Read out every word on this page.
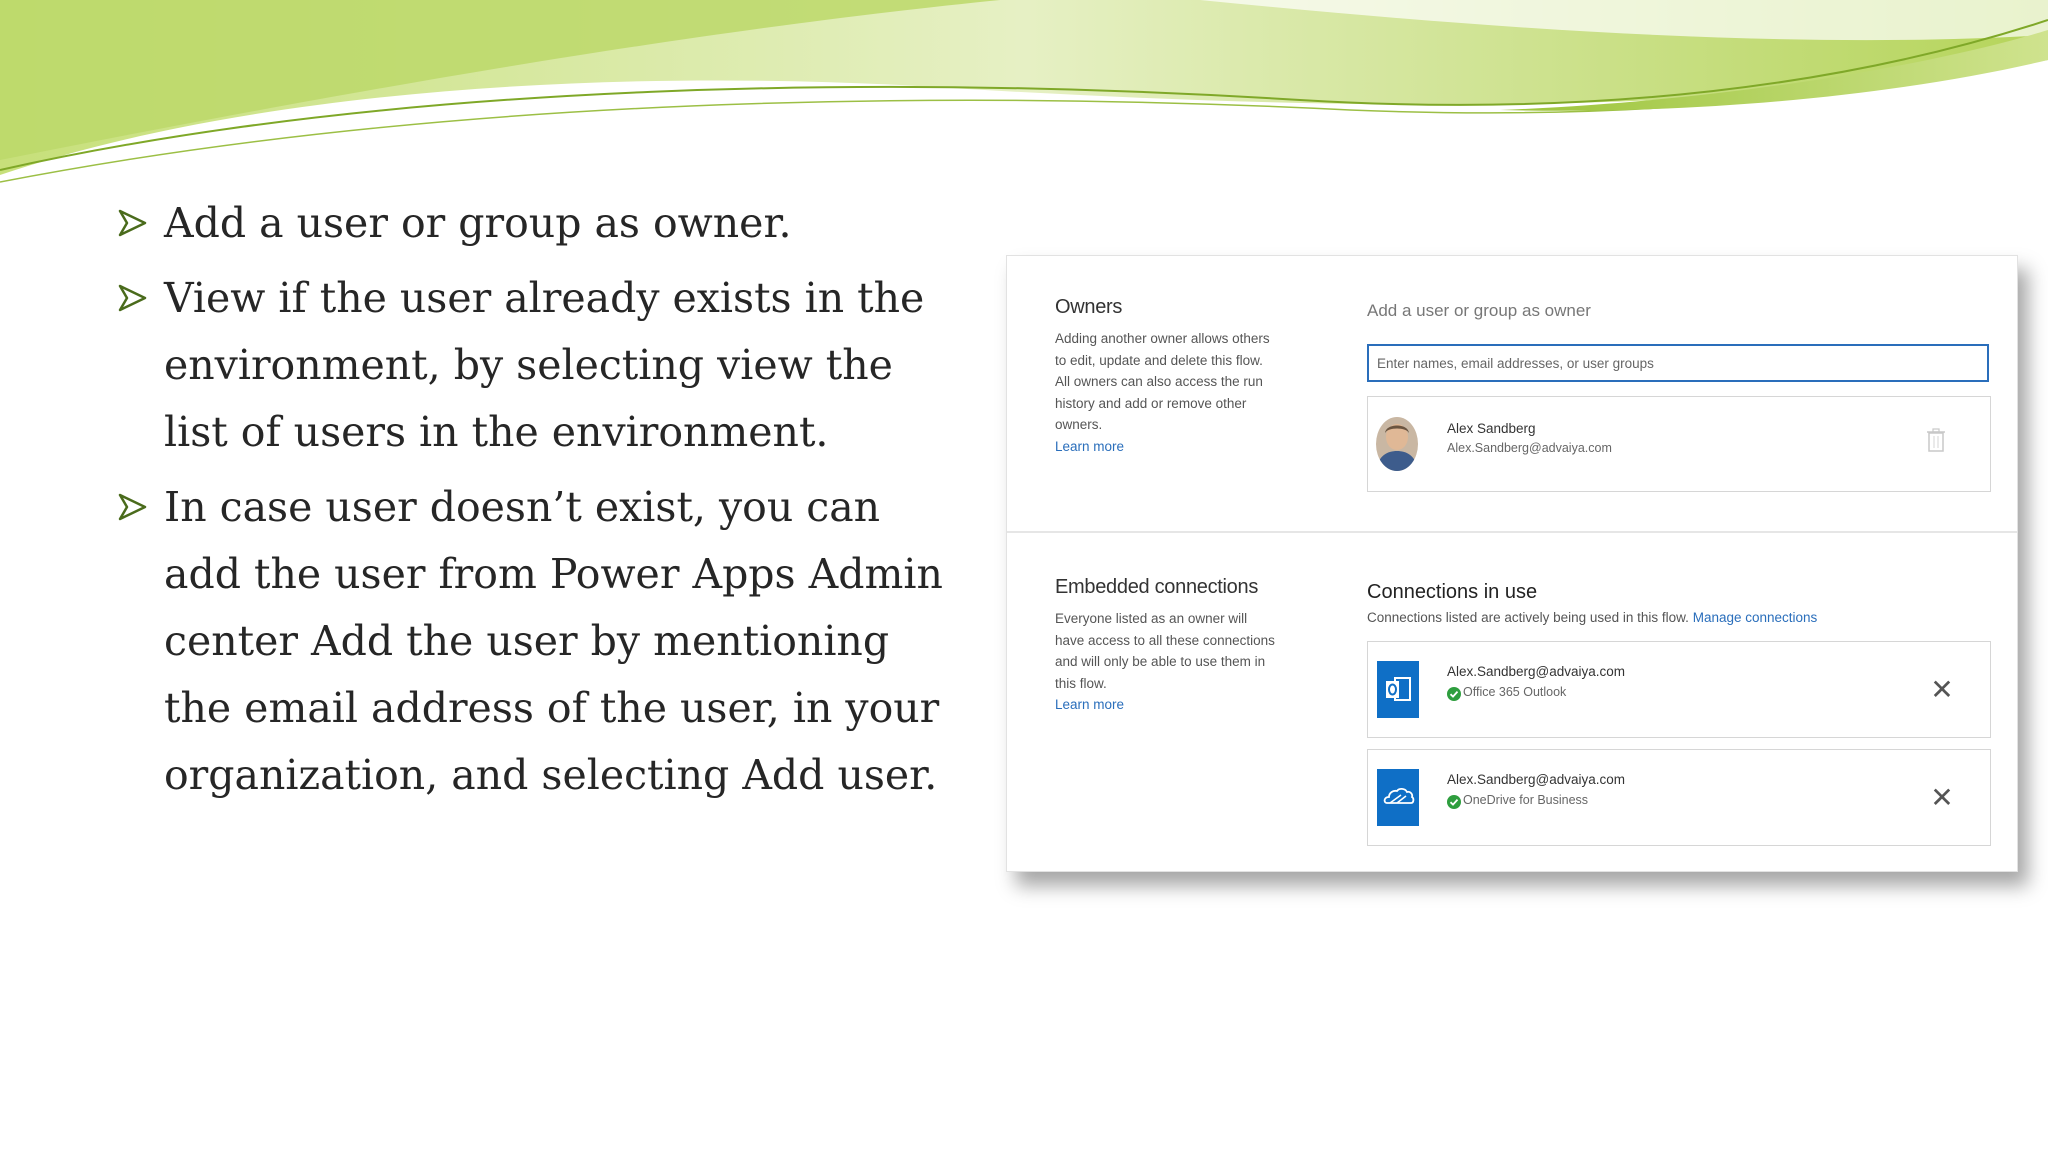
Add a user or group as owner.
View if the user already exists in the environment, by selecting view the list of users in the environment.
In case user doesn’t exist, you can add the user from Power Apps Admin center Add the user by mentioning the email address of the user, in your organization, and selecting Add user.
Owners
Adding another owner allows others to edit, update and delete this flow. All owners can also access the run history and add or remove other owners.
Learn more
Add a user or group as owner
Enter names, email addresses, or user groups
Alex Sandberg
Alex.Sandberg@advaiya.com
Embedded connections
Everyone listed as an owner will have access to all these connections and will only be able to use them in this flow.
Learn more
Connections in use
Connections listed are actively being used in this flow. Manage connections
Alex.Sandberg@advaiya.com
Office 365 Outlook	✕
Alex.Sandberg@advaiya.com
OneDrive for Business	✕
